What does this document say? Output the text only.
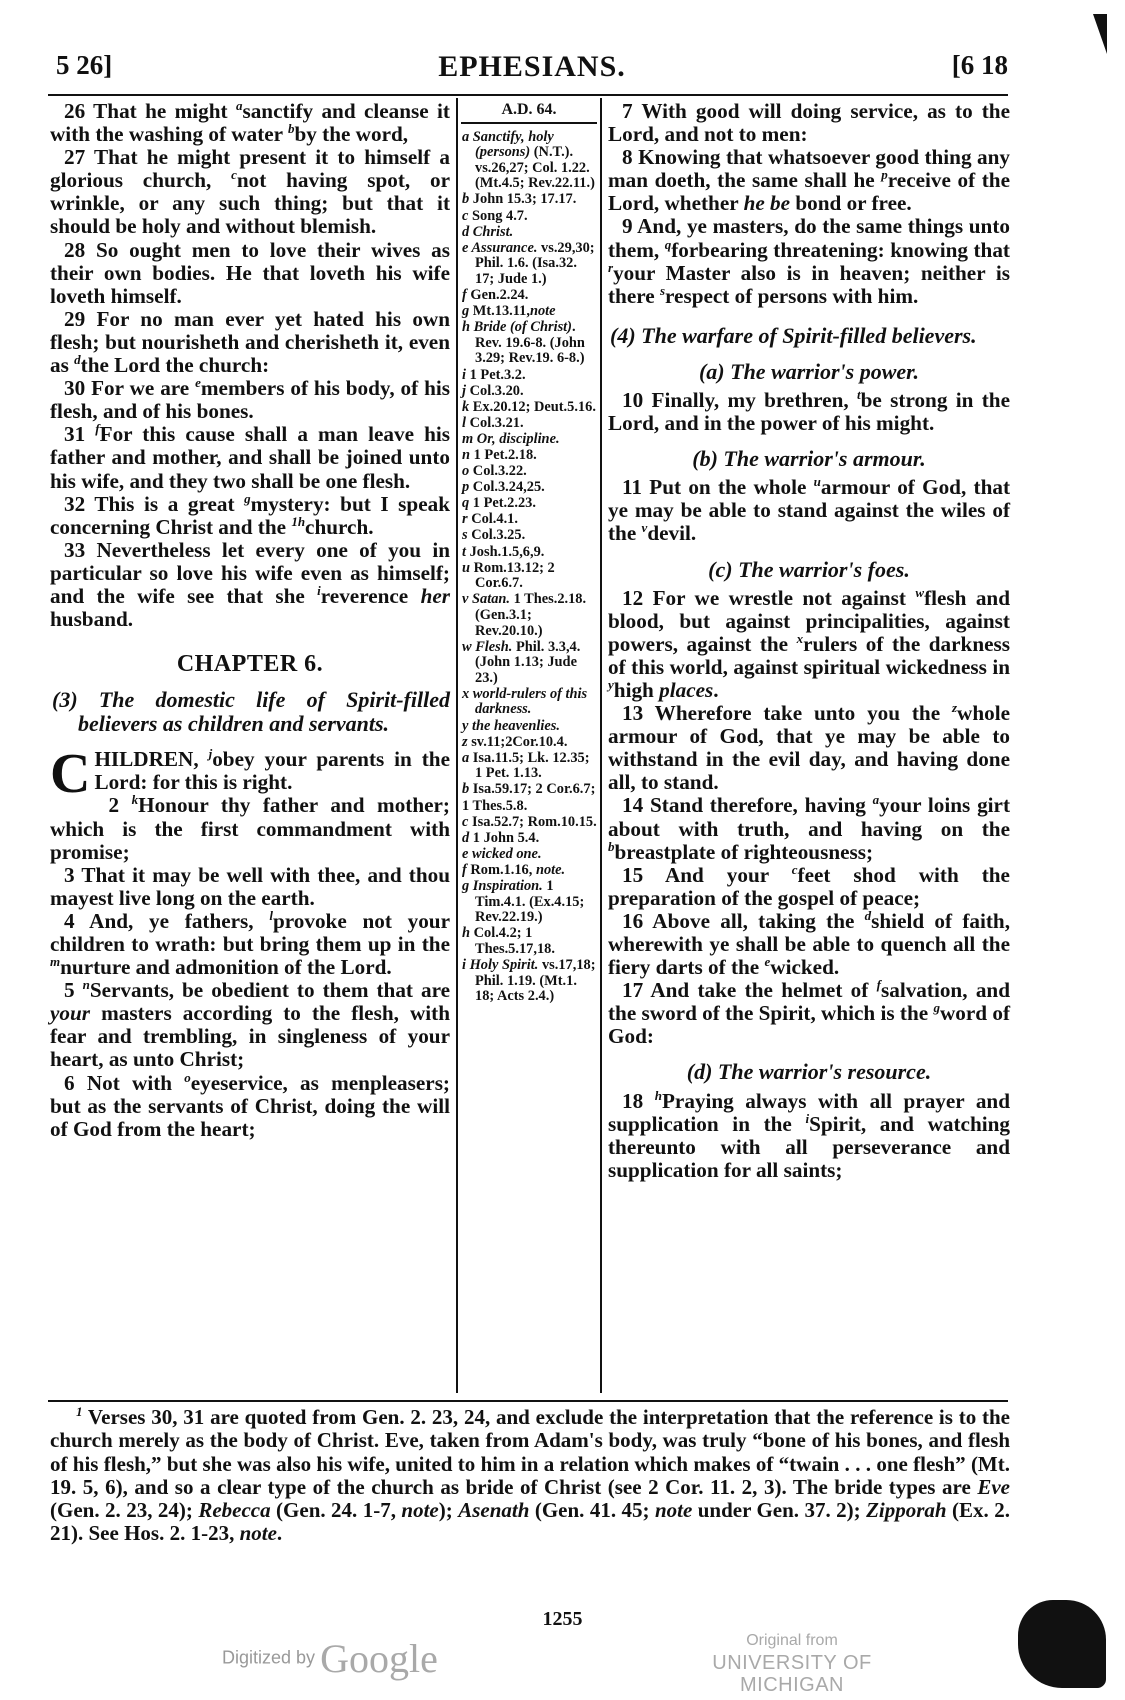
5 26]	EPHESIANS.	[6 18

26 That he might $^a$sanctify and cleanse it with the washing of water $^b$by the word,

27 That he might present it to himself a glorious church, $^c$not having spot, or wrinkle, or any such thing; but that it should be holy and without blemish.

28 So ought men to love their wives as their own bodies. He that loveth his wife loveth himself.

29 For no man ever yet hated his own flesh; but nourisheth and cherisheth it, even as $^d$the Lord the church:

30 For we are $^e$members of his body, of his flesh, and of his bones.

31 $^f$For this cause shall a man leave his father and mother, and shall be joined unto his wife, and they two shall be one flesh.

32 This is a great $^g$mystery: but I speak concerning Christ and the $^{1h}$church.

33 Nevertheless let every one of you in particular so love his wife even as himself; and the wife see that she $^i$reverence her husband.

CHAPTER 6.
(3) The domestic life of Spirit-filled believers as children and servants.

CHILDREN, $^j$obey your parents in the Lord: for this is right.

2 $^k$Honour thy father and mother; which is the first commandment with promise;

3 That it may be well with thee, and thou mayest live long on the earth.

4 And, ye fathers, $^l$provoke not your children to wrath: but bring them up in the $^m$nurture and admonition of the Lord.

5 $^n$Servants, be obedient to them that are your masters according to the flesh, with fear and trembling, in singleness of your heart, as unto Christ;

6 Not with $^o$eyeservice, as menpleasers; but as the servants of Christ, doing the will of God from the heart;

A.D. 64.

a Sanctify, holy (persons) (N.T.). vs.26,27; Col. 1.22. (Mt.4.5; Rev.22.11.)

b John 15.3; 17.17.

c Song 4.7.

d Christ.

e Assurance. vs.29,30; Phil. 1.6. (Isa.32. 17; Jude 1.)

f Gen.2.24.

g Mt.13.11,note

h Bride (of Christ). Rev. 19.6-8. (John 3.29; Rev.19. 6-8.)

i 1 Pet.3.2.

j Col.3.20.

k Ex.20.12; Deut.5.16.

l Col.3.21.

m Or, discipline.

n 1 Pet.2.18.

o Col.3.22.

p Col.3.24,25.

q 1 Pet.2.23.

r Col.4.1.

s Col.3.25.

t Josh.1.5,6,9.

u Rom.13.12; 2 Cor.6.7.

v Satan. 1 Thes.2.18. (Gen.3.1; Rev.20.10.)

w Flesh. Phil. 3.3,4. (John 1.13; Jude 23.)

x world-rulers of this darkness.

y the heavenlies.

z sv.11;2Cor.10.4.

a Isa.11.5; Lk. 12.35; 1 Pet. 1.13.

b Isa.59.17; 2 Cor.6.7;

1 Thes.5.8.

c Isa.52.7; Rom.10.15.

d 1 John 5.4.

e wicked one.

f Rom.1.16, note.

g Inspiration. 1 Tim.4.1. (Ex.4.15; Rev.22.19.)

h Col.4.2; 1 Thes.5.17,18.

i Holy Spirit. vs.17,18; Phil. 1.19. (Mt.1. 18; Acts 2.4.)

7 With good will doing service, as to the Lord, and not to men:

8 Knowing that whatsoever good thing any man doeth, the same shall he $^p$receive of the Lord, whether he be bond or free.

9 And, ye masters, do the same things unto them, $^q$forbearing threatening: knowing that $^r$your Master also is in heaven; neither is there $^s$respect of persons with him.

(4) The warfare of Spirit-filled believers.
(a) The warrior's power.

10 Finally, my brethren, $^t$be strong in the Lord, and in the power of his might.

(b) The warrior's armour.

11 Put on the whole $^u$armour of God, that ye may be able to stand against the wiles of the $^v$devil.

(c) The warrior's foes.

12 For we wrestle not against $^w$flesh and blood, but against principalities, against powers, against the $^x$rulers of the darkness of this world, against spiritual wickedness in $^y$high places.

13 Wherefore take unto you the $^z$whole armour of God, that ye may be able to withstand in the evil day, and having done all, to stand.

14 Stand therefore, having $^a$your loins girt about with truth, and having on the $^b$breastplate of righteousness;

15 And your $^c$feet shod with the preparation of the gospel of peace;

16 Above all, taking the $^d$shield of faith, wherewith ye shall be able to quench all the fiery darts of the $^e$wicked.

17 And take the helmet of $^f$salvation, and the sword of the Spirit, which is the $^g$word of God:

(d) The warrior's resource.

18 $^h$Praying always with all prayer and supplication in the $^i$Spirit, and watching thereunto with all perseverance and supplication for all saints;

$^1$ Verses 30, 31 are quoted from Gen. 2. 23, 24, and exclude the interpretation that the reference is to the church merely as the body of Christ. Eve, taken from Adam's body, was truly “bone of his bones, and flesh of his flesh,” but she was also his wife, united to him in a relation which makes of “twain . . . one flesh” (Mt. 19. 5, 6), and so a clear type of the church as bride of Christ (see 2 Cor. 11. 2, 3). The bride types are Eve (Gen. 2. 23, 24); Rebecca (Gen. 24. 1-7, note); Asenath (Gen. 41. 45; note under Gen. 37. 2); Zipporah (Ex. 2. 21). See Hos. 2. 1-23, note.
1255
Digitized by Google	Original from
UNIVERSITY OF MICHIGAN
